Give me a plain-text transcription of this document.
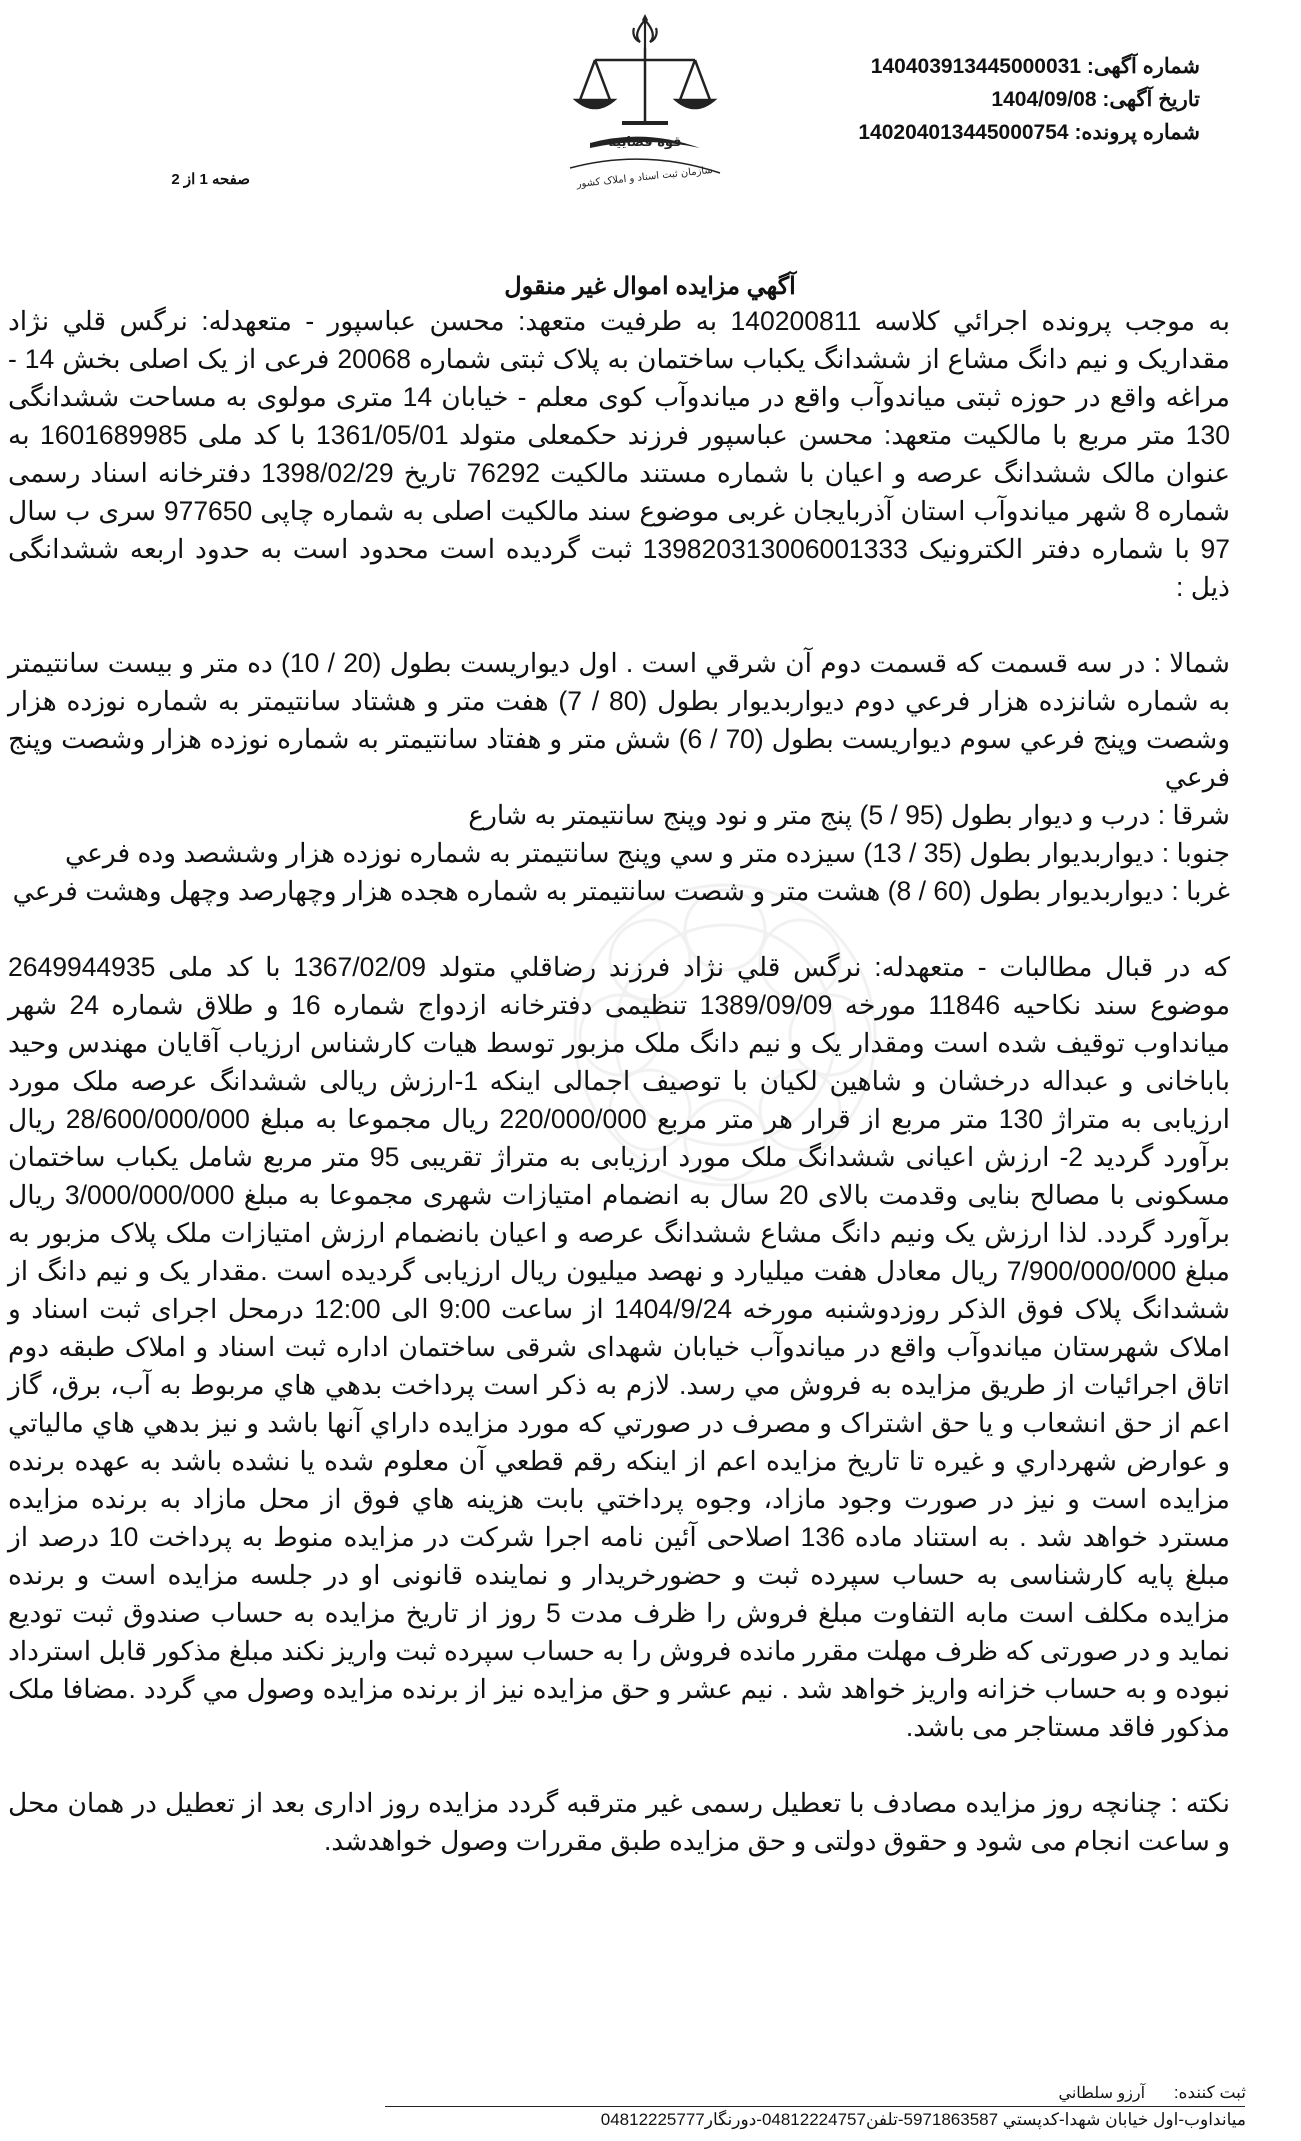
قوه قضاییه
سازمان ثبت اسناد و املاک کشور
شماره آگهی: 140403913445000031
تاریخ آگهی: 1404/09/08
شماره پرونده: 140204013445000754
صفحه 1 از 2
آگهي مزايده اموال غير منقول

به موجب پرونده اجرائي كلاسه 140200811 به طرفيت متعهد: محسن عباسپور - متعهدله: نرگس قلي نژاد مقداريک و نيم دانگ مشاع از ششدانگ يکباب ساختمان به پلاک ثبتی شماره 20068 فرعی از یک اصلی بخش 14 - مراغه واقع در حوزه ثبتی میاندوآب واقع در میاندوآب کوی معلم - خیابان 14 متری مولوی به مساحت ششدانگی 130 متر مربع با مالکیت متعهد: محسن عباسپور فرزند حکمعلی متولد 1361/05/01 با کد ملی 1601689985 به عنوان مالک ششدانگ عرصه و اعیان با شماره مستند مالکیت 76292 تاریخ 1398/02/29 دفترخانه اسناد رسمی شماره 8 شهر میاندوآب استان آذربایجان غربی موضوع سند مالکیت اصلی به شماره چاپی 977650 سری ب سال 97 با شماره دفتر الکترونیک 139820313006001333 ثبت گردیده است محدود است به حدود اربعه ششدانگی ذیل :

شمالا : در سه قسمت که قسمت دوم آن شرقي است . اول ديواريست بطول (20 / 10) ده متر و بيست سانتيمتر به شماره شانزده هزار فرعي دوم ديواربديوار بطول (80 / 7) هفت متر و هشتاد سانتيمتر به شماره نوزده هزار وشصت وپنج فرعي سوم ديواريست بطول (70 / 6) شش متر و هفتاد سانتيمتر به شماره نوزده هزار وشصت وپنج فرعي

شرقا : درب و ديوار بطول (95 / 5) پنج متر و نود وپنج سانتيمتر به شارع

جنوبا : ديواربديوار بطول (35 / 13) سيزده متر و سي وپنج سانتيمتر به شماره نوزده هزار وششصد وده فرعي

غربا : ديواربديوار بطول (60 / 8) هشت متر و شصت سانتيمتر به شماره هجده هزار وچهارصد وچهل وهشت فرعي

که در قبال مطالبات - متعهدله: نرگس قلي نژاد فرزند رضاقلي متولد 1367/02/09 با کد ملی 2649944935 موضوع سند نکاحیه 11846 مورخه 1389/09/09 تنظيمی دفترخانه ازدواج شماره 16 و طلاق شماره 24 شهر ميانداوب توقيف شده است ومقدار يک و نيم دانگ ملک مزبور توسط هيات كارشناس ارزیاب آقايان مهندس وحيد باباخانی و عبداله درخشان و شاهین لکیان با توصیف اجمالی اینکه 1-ارزش ریالی ششدانگ عرصه ملک مورد ارزیابی به متراژ 130 متر مربع از قرار هر متر مربع 220/000/000 ریال مجموعا به مبلغ 28/600/000/000 ریال برآورد گردید 2- ارزش اعیانی ششدانگ ملک مورد ارزیابی به متراژ تقریبی 95 متر مربع شامل یکباب ساختمان مسکونی با مصالح بنایی وقدمت بالای 20 سال به انضمام امتیازات شهری مجموعا به مبلغ 3/000/000/000 ریال برآورد گردد. لذا ارزش یک ونیم دانگ مشاع ششدانگ عرصه و اعیان بانضمام ارزش امتیازات ملک پلاک مزبور به مبلغ 7/900/000/000 ريال معادل هفت میلیارد و نهصد میلیون ریال ارزیابی گردیده است .مقدار يک و نيم دانگ از ششدانگ پلاک فوق الذکر روزدوشنبه مورخه 1404/9/24 از ساعت 9:00 الی 12:00 درمحل اجرای ثبت اسناد و املاک شهرستان میاندوآب واقع در میاندوآب خیابان شهدای شرقی ساختمان اداره ثبت اسناد و املاک طبقه دوم اتاق اجرائيات از طريق مزايده به فروش مي رسد. لازم به ذکر است پرداخت بدهي هاي مربوط به آب، برق، گاز اعم از حق انشعاب و يا حق اشتراک و مصرف در صورتي که مورد مزايده داراي آنها باشد و نيز بدهي هاي مالياتي و عوارض شهرداري و غيره تا تاريخ مزايده اعم از اينکه رقم قطعي آن معلوم شده يا نشده باشد به عهده برنده مزايده است و نيز در صورت وجود مازاد، وجوه پرداختي بابت هزينه هاي فوق از محل مازاد به برنده مزايده مسترد خواهد شد . به استناد ماده 136 اصلاحی آئین نامه اجرا شرکت در مزایده منوط به پرداخت 10 درصد از مبلغ پایه کارشناسی به حساب سپرده ثبت و حضورخریدار و نماینده قانونی او در جلسه مزایده است و برنده مزایده مکلف است مابه التفاوت مبلغ فروش را ظرف مدت 5 روز از تاریخ مزایده به حساب صندوق ثبت تودیع نماید و در صورتی که ظرف مهلت مقرر مانده فروش را به حساب سپرده ثبت واریز نکند مبلغ مذکور قابل استرداد نبوده و به حساب خزانه واریز خواهد شد . نیم عشر و حق مزایده نیز از برنده مزایده وصول مي گردد .مضافا ملک مذکور فاقد مستاجر می باشد.

نکته : چنانچه روز مزایده مصادف با تعطیل رسمی غیر مترقبه گردد مزایده روز اداری بعد از تعطیل در همان محل و ساعت انجام می شود و حقوق دولتی و حق مزایده طبق مقررات وصول خواهدشد.

ثبت كننده: آرزو سلطاني
ميانداوب-اول خيابان شهدا-كدپستي 5971863587-تلفن04812224757-دورنگار04812225777
